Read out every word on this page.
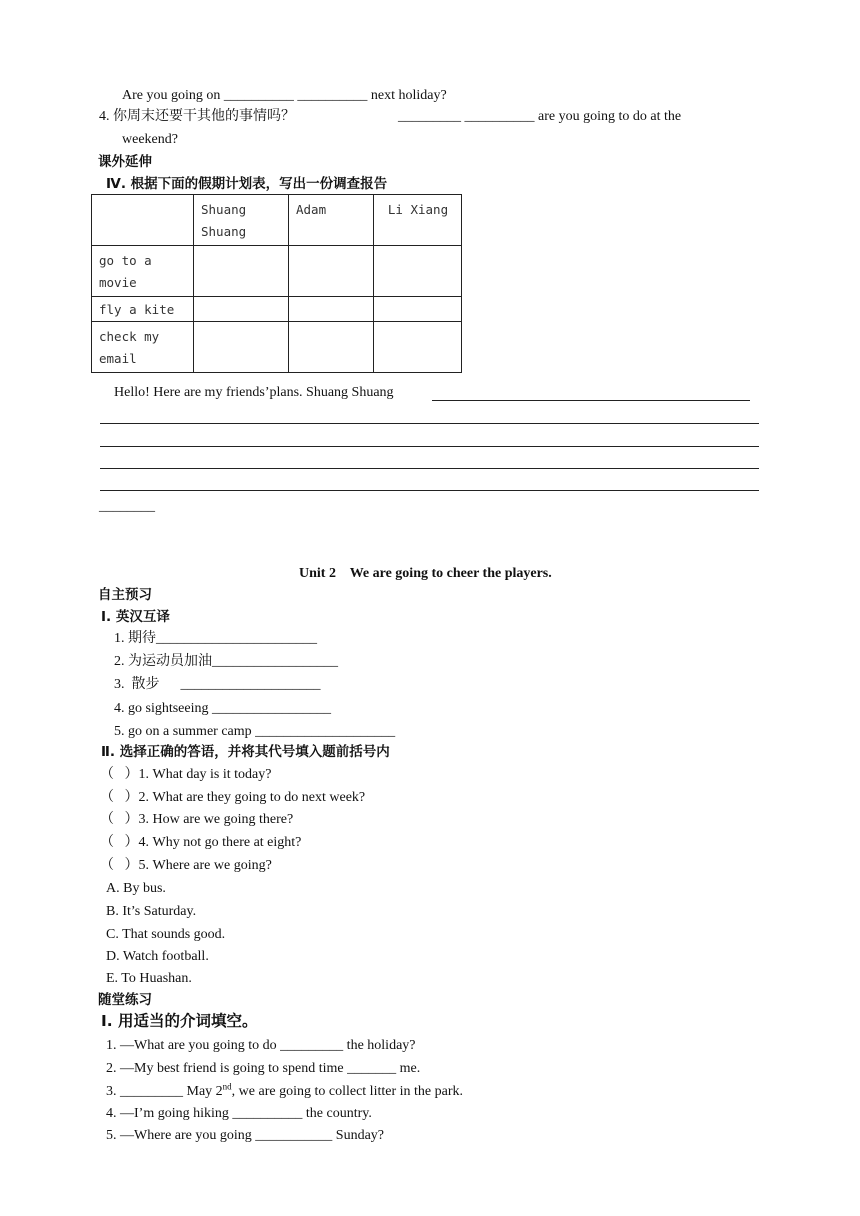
Are you going on __________ __________ next holiday?
4. 你周末还要干其他的事情吗？	_________ __________ are you going to do at the
weekend?
课外延伸
Ⅳ. 根据下面的假期计划表，写出一份调查报告
	Shuang Shuang	Adam	Li Xiang
go to a movie			
fly a kite			
check my email			
Hello! Here are my friends’plans. Shuang Shuang
________
Unit 2    We are going to cheer the players.
自主预习
Ⅰ. 英汉互译
1. 期待_______________________
2. 为运动员加油__________________
3.  散步      ____________________
4. go sightseeing _________________
5. go on a summer camp ____________________
Ⅱ. 选择正确的答语，并将其代号填入题前括号内
（   ）1. What day is it today?
（   ）2. What are they going to do next week?
（   ）3. How are we going there?
（   ）4. Why not go there at eight?
（   ）5. Where are we going?
A. By bus.
B. It’s Saturday.
C. That sounds good.
D. Watch football.
E. To Huashan.
随堂练习
Ⅰ. 用适当的介词填空。
1. —What are you going to do _________ the holiday?
2. —My best friend is going to spend time _______ me.
3. _________ May 2nd, we are going to collect litter in the park.
4. —I’m going hiking __________ the country.
5. —Where are you going ___________ Sunday?
